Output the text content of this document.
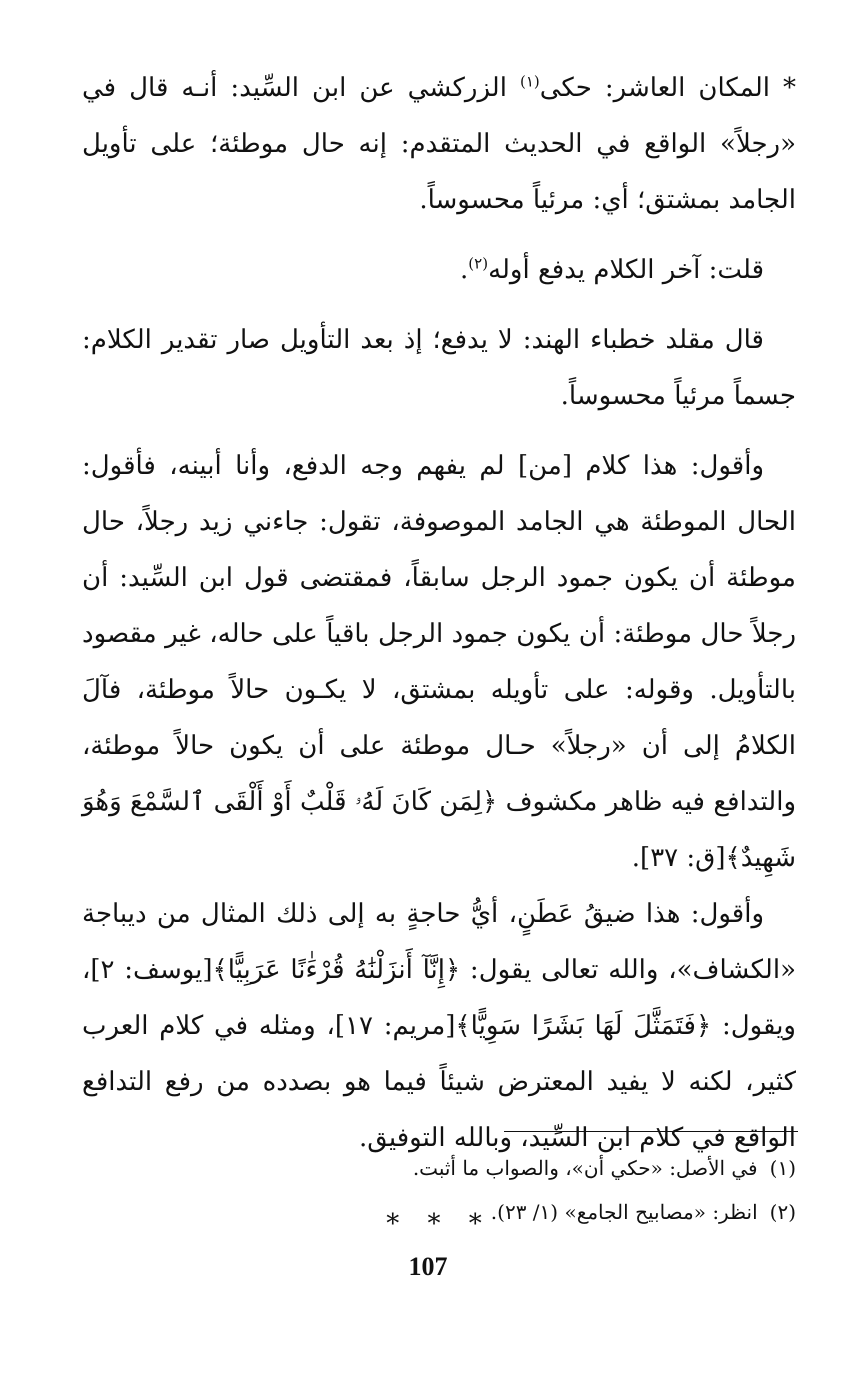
* المكان العاشر: حكى$^{(١)}$ الزركشي عن ابن السِّيد: أنـه قال في «رجلاً» الواقع في الحديث المتقدم: إنه حال موطئة؛ على تأويل الجامد بمشتق؛ أي: مرئياً محسوساً.

قلت: آخر الكلام يدفع أوله$^{(٢)}$.

قال مقلد خطباء الهند: لا يدفع؛ إذ بعد التأويل صار تقدير الكلام: جسماً مرئياً محسوساً.

وأقول: هذا كلام [من] لم يفهم وجه الدفع، وأنا أبينه، فأقول: الحال الموطئة هي الجامد الموصوفة، تقول: جاءني زيد رجلاً، حال موطئة أن يكون جمود الرجل سابقاً، فمقتضى قول ابن السِّيد: أن رجلاً حال موطئة: أن يكون جمود الرجل باقياً على حاله، غير مقصود بالتأويل. وقوله: على تأويله بمشتق، لا يكـون حالاً موطئة، فآلَ الكلامُ إلى أن «رجلاً» حـال موطئة على أن يكون حالاً موطئة، والتدافع فيه ظاهر مكشوف ﴿لِمَن كَانَ لَهُۥ قَلْبٌ أَوْ أَلْقَى ٱلسَّمْعَ وَهُوَ شَهِيدٌ﴾[ق: ٣٧].

وأقول: هذا ضيقُ عَطَنٍ، أيُّ حاجةٍ به إلى ذلك المثال من ديباجة «الكشاف»، والله تعالى يقول: ﴿إِنَّآ أَنزَلْنَٰهُ قُرْءَٰنًا عَرَبِيًّا﴾[يوسف: ٢]، ويقول: ﴿فَتَمَثَّلَ لَهَا بَشَرًا سَوِيًّا﴾[مريم: ١٧]، ومثله في كلام العرب كثير، لكنه لا يفيد المعترض شيئاً فيما هو بصدده من رفع التدافع الواقع في كلام ابن السِّيد، وبالله التوفيق.

* * *

(١)في الأصل: «حكي أن»، والصواب ما أثبت.

(٢)انظر: «مصابيح الجامع» (١/ ٢٣).

107
